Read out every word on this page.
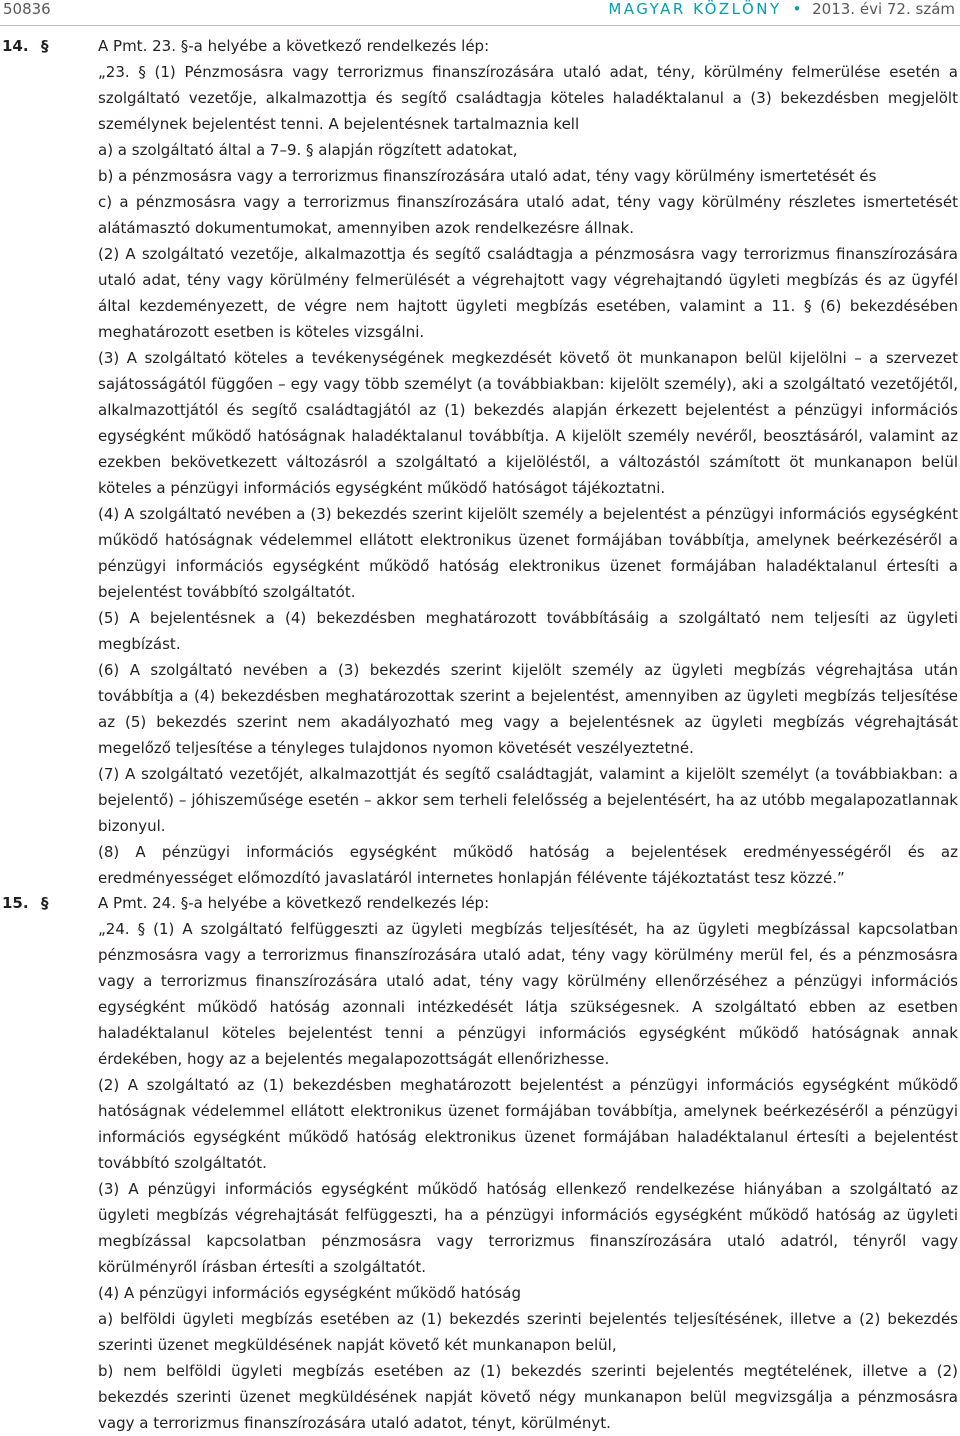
50836	MAGYAR KÖZLÖNY • 2013. évi 72. szám
14. §	A Pmt. 23. §-a helyébe a következő rendelkezés lép:

„23. § (1) Pénzmosásra vagy terrorizmus finanszírozására utaló adat, tény, körülmény felmerülése esetén a szolgáltató vezetője, alkalmazottja és segítő családtagja köteles haladéktalanul a (3) bekezdésben megjelölt személynek bejelentést tenni. A bejelentésnek tartalmaznia kell

a) a szolgáltató által a 7–9. § alapján rögzített adatokat,

b) a pénzmosásra vagy a terrorizmus finanszírozására utaló adat, tény vagy körülmény ismertetését és

c) a pénzmosásra vagy a terrorizmus finanszírozására utaló adat, tény vagy körülmény részletes ismertetését alátámasztó dokumentumokat, amennyiben azok rendelkezésre állnak.

(2) A szolgáltató vezetője, alkalmazottja és segítő családtagja a pénzmosásra vagy terrorizmus finanszírozására utaló adat, tény vagy körülmény felmerülését a végrehajtott vagy végrehajtandó ügyleti megbízás és az ügyfél által kezdeményezett, de végre nem hajtott ügyleti megbízás esetében, valamint a 11. § (6) bekezdésében meghatározott esetben is köteles vizsgálni.

(3) A szolgáltató köteles a tevékenységének megkezdését követő öt munkanapon belül kijelölni – a szervezet sajátosságától függően – egy vagy több személyt (a továbbiakban: kijelölt személy), aki a szolgáltató vezetőjétől, alkalmazottjától és segítő családtagjától az (1) bekezdés alapján érkezett bejelentést a pénzügyi információs egységként működő hatóságnak haladéktalanul továbbítja. A kijelölt személy nevéről, beosztásáról, valamint az ezekben bekövetkezett változásról a szolgáltató a kijelöléstől, a változástól számított öt munkanapon belül köteles a pénzügyi információs egységként működő hatóságot tájékoztatni.

(4) A szolgáltató nevében a (3) bekezdés szerint kijelölt személy a bejelentést a pénzügyi információs egységként működő hatóságnak védelemmel ellátott elektronikus üzenet formájában továbbítja, amelynek beérkezéséről a pénzügyi információs egységként működő hatóság elektronikus üzenet formájában haladéktalanul értesíti a bejelentést továbbító szolgáltatót.

(5) A bejelentésnek a (4) bekezdésben meghatározott továbbításáig a szolgáltató nem teljesíti az ügyleti megbízást.

(6) A szolgáltató nevében a (3) bekezdés szerint kijelölt személy az ügyleti megbízás végrehajtása után továbbítja a (4) bekezdésben meghatározottak szerint a bejelentést, amennyiben az ügyleti megbízás teljesítése az (5) bekezdés szerint nem akadályozható meg vagy a bejelentésnek az ügyleti megbízás végrehajtását megelőző teljesítése a tényleges tulajdonos nyomon követését veszélyeztetné.

(7) A szolgáltató vezetőjét, alkalmazottját és segítő családtagját, valamint a kijelölt személyt (a továbbiakban: a bejelentő) – jóhiszeműsége esetén – akkor sem terheli felelősség a bejelentésért, ha az utóbb megalapozatlannak bizonyul.

(8) A pénzügyi információs egységként működő hatóság a bejelentések eredményességéről és az eredményességet előmozdító javaslatáról internetes honlapján félévente tájékoztatást tesz közzé.”

15. §	A Pmt. 24. §-a helyébe a következő rendelkezés lép:

„24. § (1) A szolgáltató felfüggeszti az ügyleti megbízás teljesítését, ha az ügyleti megbízással kapcsolatban pénzmosásra vagy a terrorizmus finanszírozására utaló adat, tény vagy körülmény merül fel, és a pénzmosásra vagy a terrorizmus finanszírozására utaló adat, tény vagy körülmény ellenőrzéséhez a pénzügyi információs egységként működő hatóság azonnali intézkedését látja szükségesnek. A szolgáltató ebben az esetben haladéktalanul köteles bejelentést tenni a pénzügyi információs egységként működő hatóságnak annak érdekében, hogy az a bejelentés megalapozottságát ellenőrizhesse.

(2) A szolgáltató az (1) bekezdésben meghatározott bejelentést a pénzügyi információs egységként működő hatóságnak védelemmel ellátott elektronikus üzenet formájában továbbítja, amelynek beérkezéséről a pénzügyi információs egységként működő hatóság elektronikus üzenet formájában haladéktalanul értesíti a bejelentést továbbító szolgáltatót.

(3) A pénzügyi információs egységként működő hatóság ellenkező rendelkezése hiányában a szolgáltató az ügyleti megbízás végrehajtását felfüggeszti, ha a pénzügyi információs egységként működő hatóság az ügyleti megbízással kapcsolatban pénzmosásra vagy terrorizmus finanszírozására utaló adatról, tényről vagy körülményről írásban értesíti a szolgáltatót.

(4) A pénzügyi információs egységként működő hatóság

a) belföldi ügyleti megbízás esetében az (1) bekezdés szerinti bejelentés teljesítésének, illetve a (2) bekezdés szerinti üzenet megküldésének napját követő két munkanapon belül,

b) nem belföldi ügyleti megbízás esetében az (1) bekezdés szerinti bejelentés megtételének, illetve a (2) bekezdés szerinti üzenet megküldésének napját követő négy munkanapon belül megvizsgálja a pénzmosásra vagy a terrorizmus finanszírozására utaló adatot, tényt, körülményt.
